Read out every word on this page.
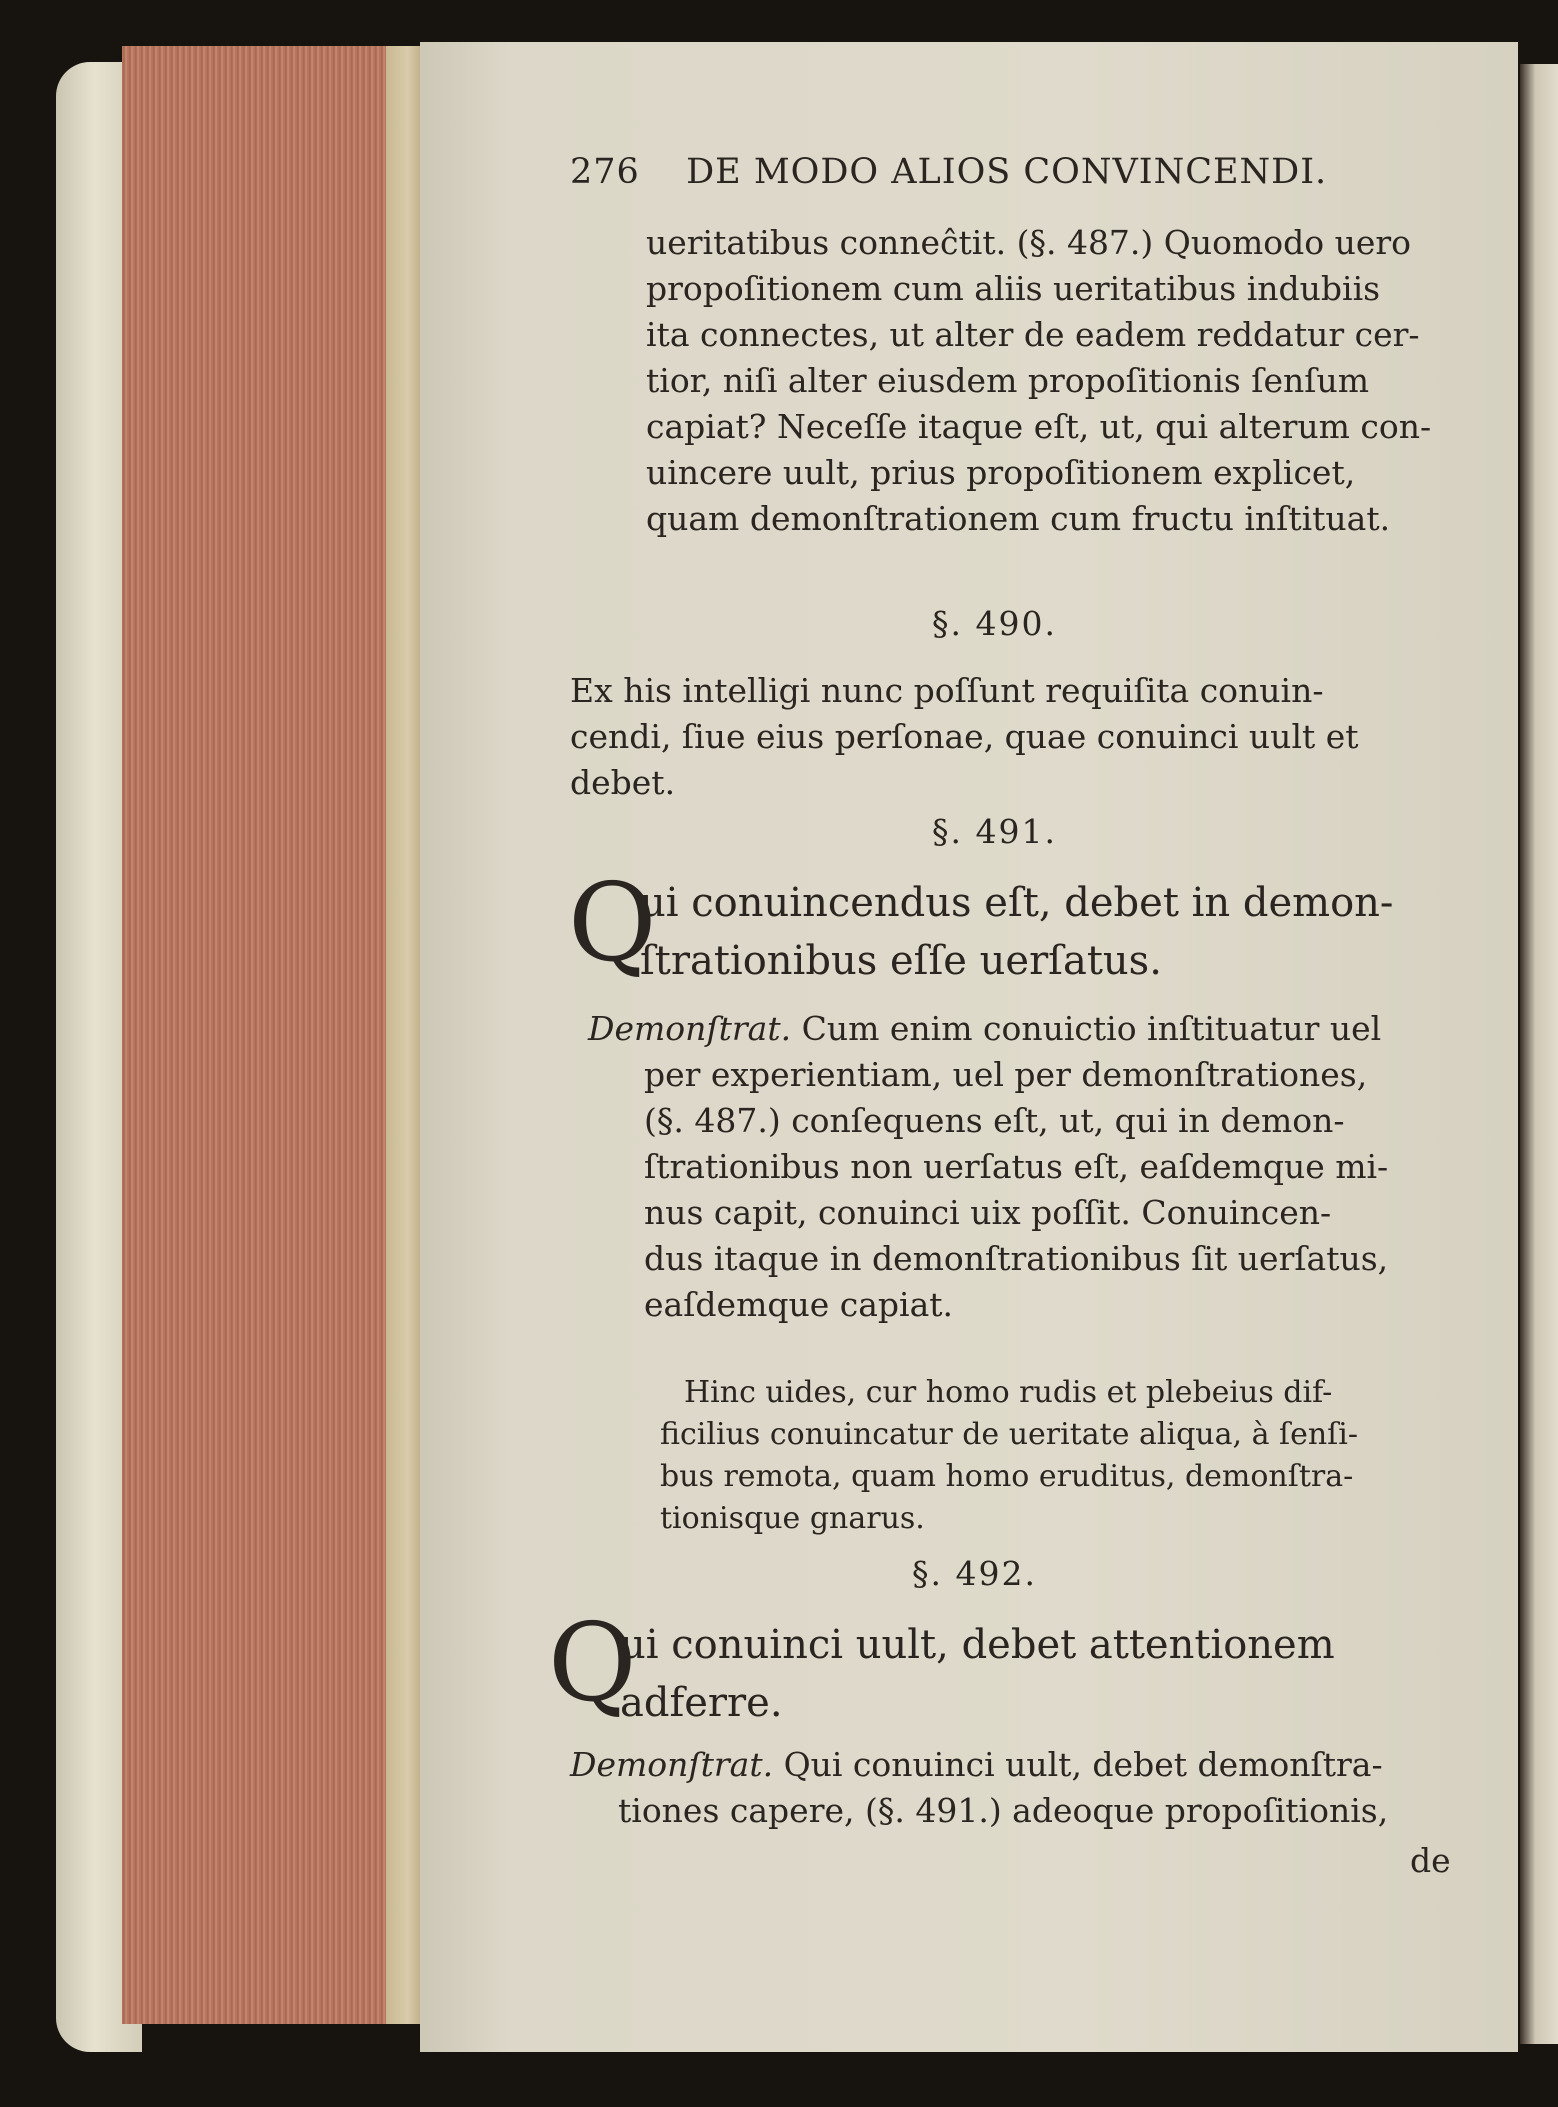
276 DE MODO ALIOS CONVINCENDI.
ueritatibus conneĉtit. (§. 487.) Quomodo uero
propoſitionem cum aliis ueritatibus indubiis
ita connectes, ut alter de eadem reddatur cer-
tior, niſi alter eiusdem propoſitionis ſenſum
capiat? Neceſſe itaque eſt, ut, qui alterum con-
uincere uult, prius propoſitionem explicet,
quam demonſtrationem cum fructu inſtituat.
§. 490.
Ex his intelligi nunc poſſunt requiſita conuin-
cendi, ſiue eius perſonae, quae conuinci uult et
debet.
§. 491.
Q
ui conuincendus eſt, debet in demon-
ſtrationibus eſſe uerſatus.
Demonſtrat. Cum enim conuictio inſtituatur uel
per experientiam, uel per demonſtrationes,
(§. 487.) conſequens eſt, ut, qui in demon-
ſtrationibus non uerſatus eſt, eaſdemque mi-
nus capit, conuinci uix poſſit. Conuincen-
dus itaque in demonſtrationibus ſit uerſatus,
eaſdemque capiat.
Hinc uides, cur homo rudis et plebeius dif-
ficilius conuincatur de ueritate aliqua, à ſenſi-
bus remota, quam homo eruditus, demonſtra-
tionisque gnarus.
§. 492.
Q
ui conuinci uult, debet attentionem
adferre.
Demonſtrat. Qui conuinci uult, debet demonſtra-
tiones capere, (§. 491.) adeoque propoſitionis,
de
